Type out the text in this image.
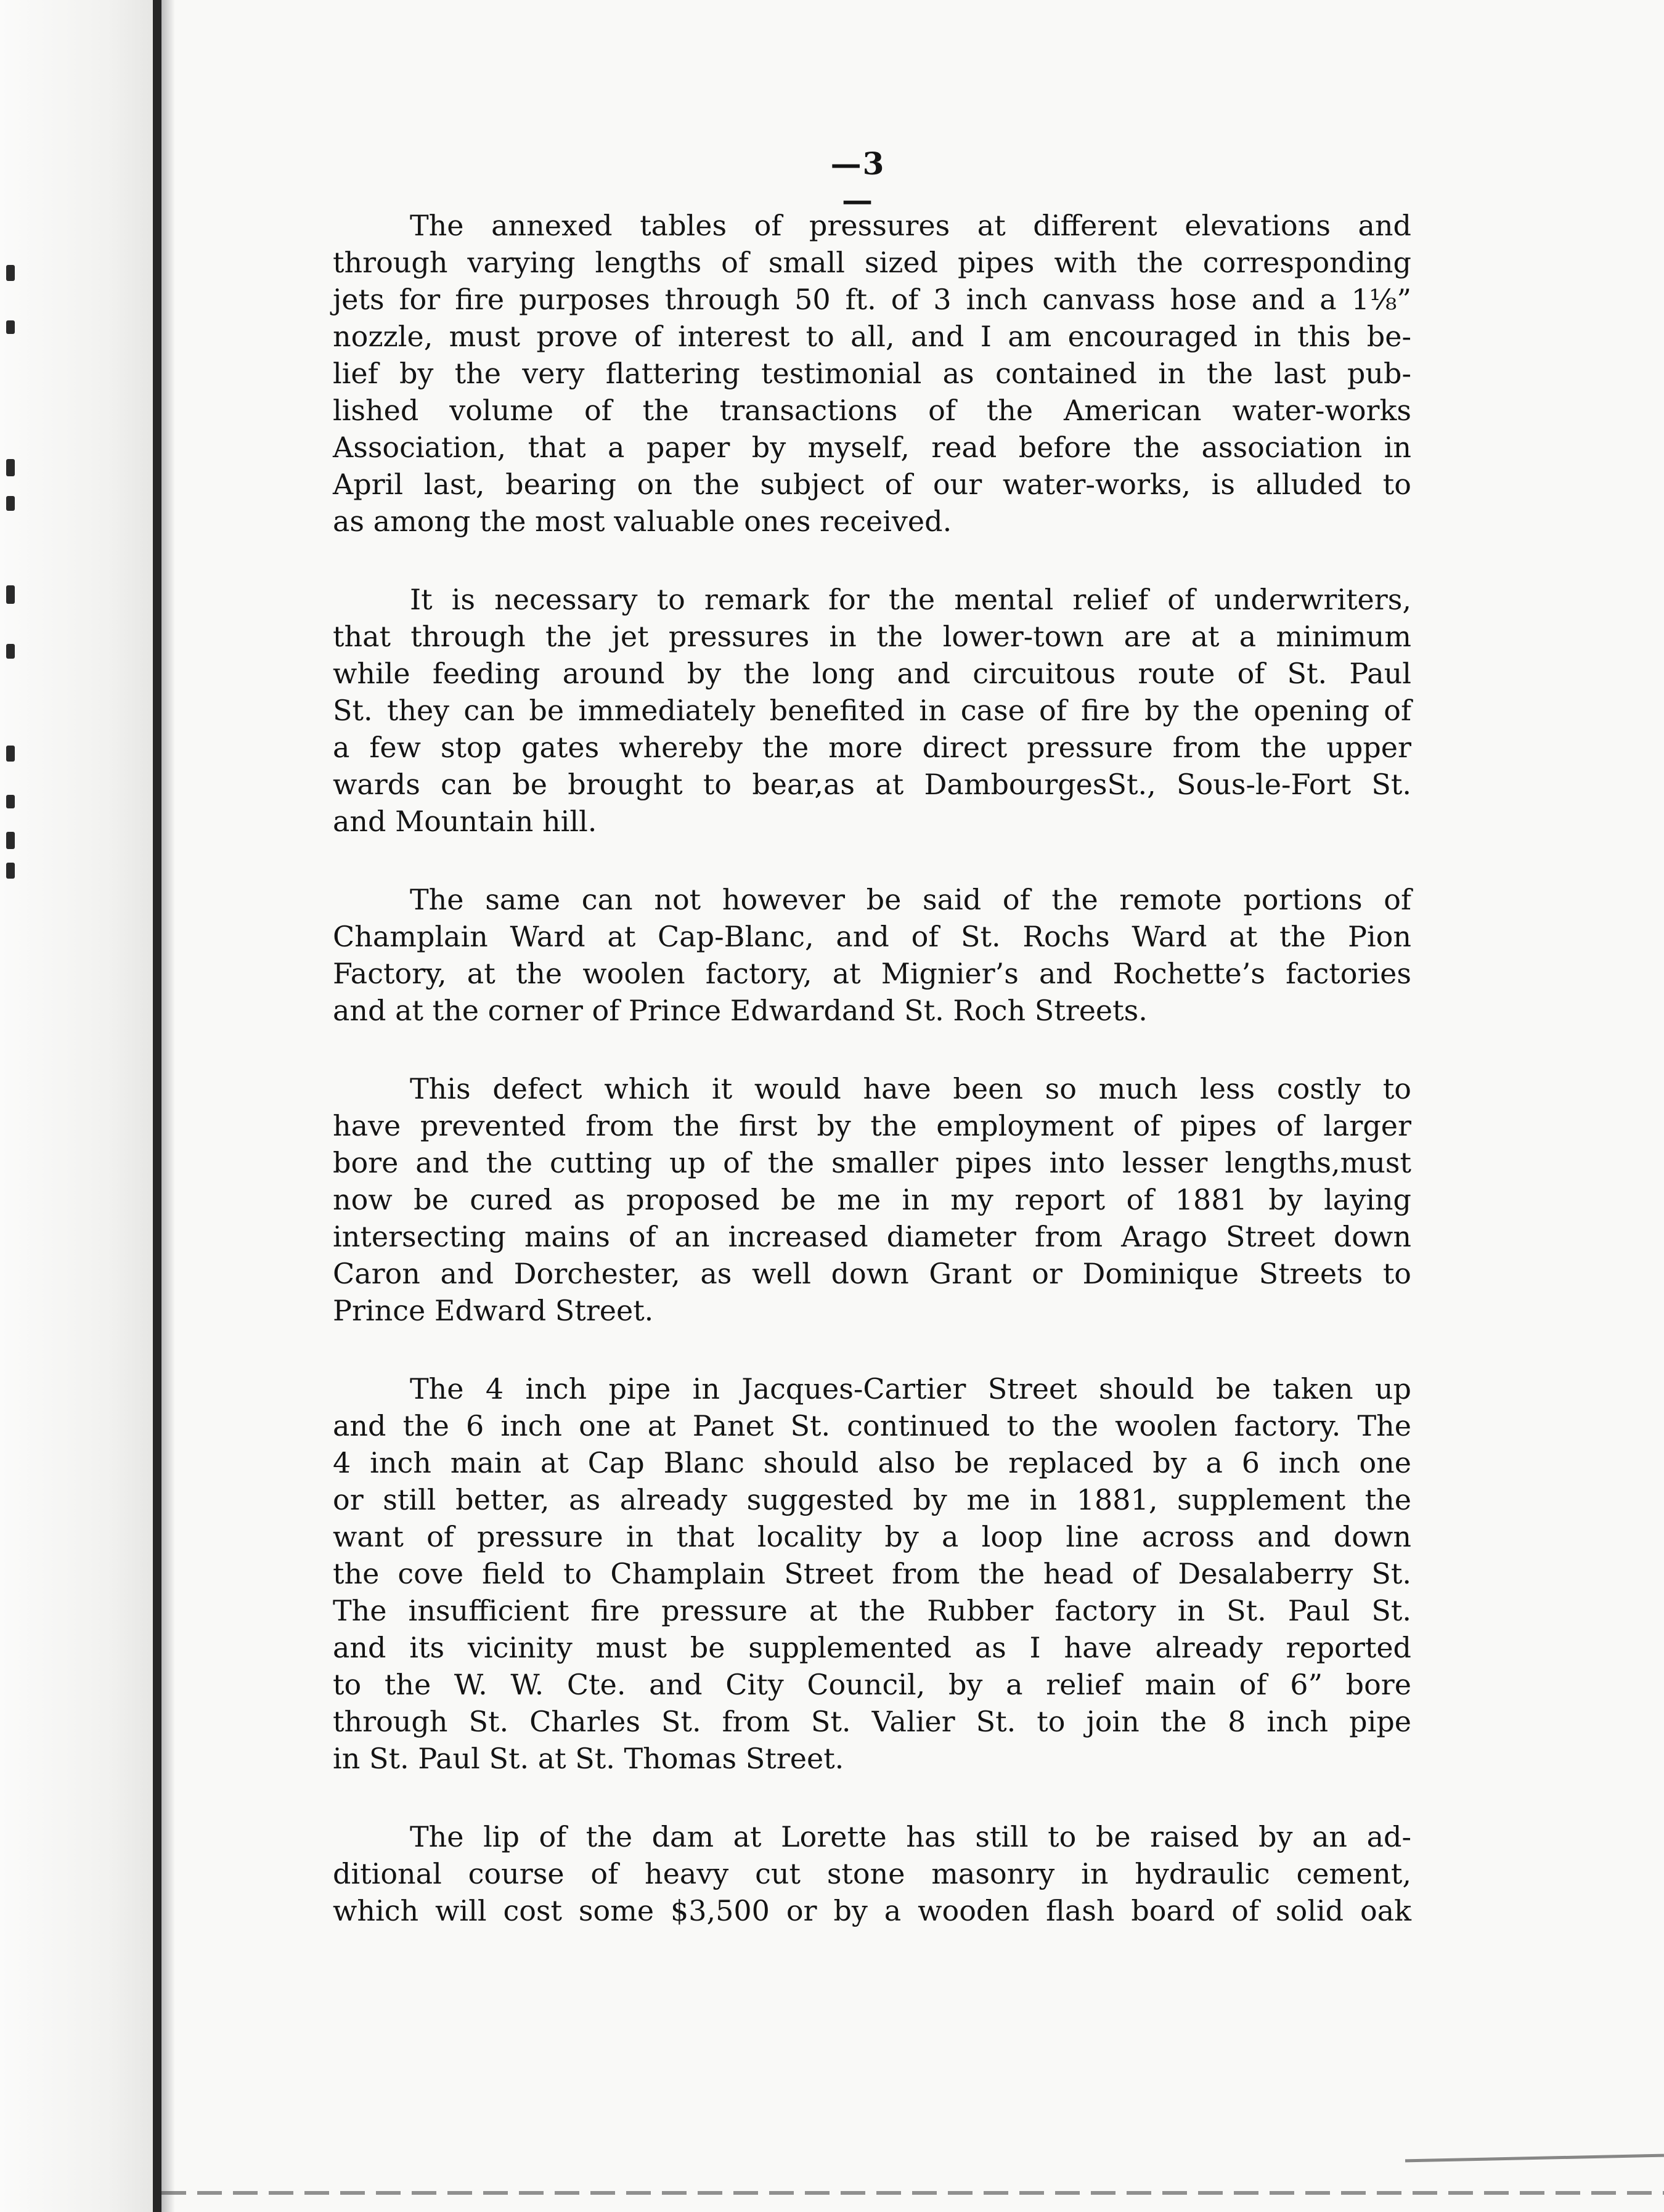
—3—

The annexed tables of pressures at different elevations and
through varying lengths of small sized pipes with the corresponding
jets for fire purposes through 50 ft. of 3 inch canvass hose and a 1⅛”
nozzle, must prove of interest to all, and I am encouraged in this be-
lief by the very flattering testimonial as contained in the last pub-
lished volume of the transactions of the American water-works
Association, that a paper by myself, read before the association in
April last, bearing on the subject of our water-works, is alluded to
as among the most valuable ones received.

It is necessary to remark for the mental relief of underwriters,
that through the jet pressures in the lower-town are at a minimum
while feeding around by the long and circuitous route of St. Paul
St. they can be immediately benefited in case of fire by the opening of
a few stop gates whereby the more direct pressure from the upper
wards can be brought to bear,as at DambourgesSt., Sous-le-Fort St.
and Mountain hill.

The same can not however be said of the remote portions of
Champlain Ward at Cap-Blanc, and of St. Rochs Ward at the Pion
Factory, at the woolen factory, at Mignier’s and Rochette’s factories
and at the corner of Prince Edwardand St. Roch Streets.

This defect which it would have been so much less costly to
have prevented from the first by the employment of pipes of larger
bore and the cutting up of the smaller pipes into lesser lengths,must
now be cured as proposed be me in my report of 1881 by laying
intersecting mains of an increased diameter from Arago Street down
Caron and Dorchester, as well down Grant or Dominique Streets to
Prince Edward Street.

The 4 inch pipe in Jacques-Cartier Street should be taken up
and the 6 inch one at Panet St. continued to the woolen factory. The
4 inch main at Cap Blanc should also be replaced by a 6 inch one
or still better, as already suggested by me in 1881, supplement the
want of pressure in that locality by a loop line across and down
the cove field to Champlain Street from the head of Desalaberry St.
The insufficient fire pressure at the Rubber factory in St. Paul St.
and its vicinity must be supplemented as I have already reported
to the W. W. Cte. and City Council, by a relief main of 6” bore
through St. Charles St. from St. Valier St. to join the 8 inch pipe
in St. Paul St. at St. Thomas Street.

The lip of the dam at Lorette has still to be raised by an ad-
ditional course of heavy cut stone masonry in hydraulic cement,
which will cost some $3,500 or by a wooden flash board of solid oak
